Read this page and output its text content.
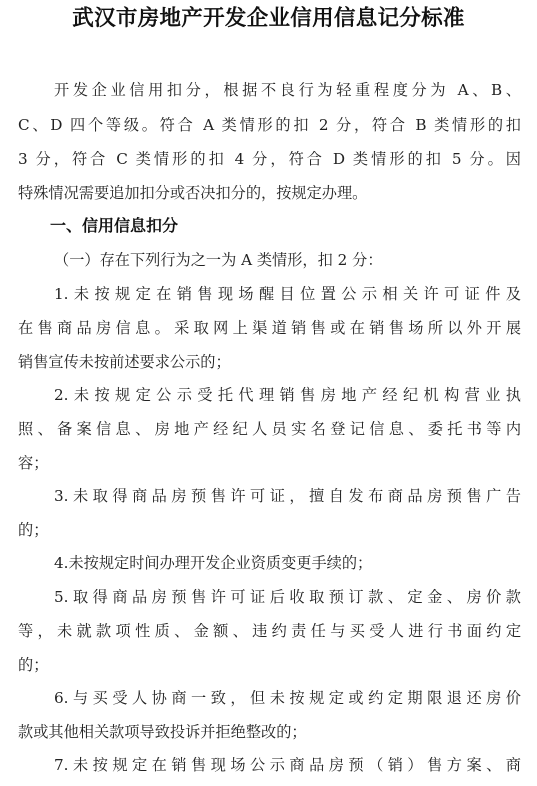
武汉市房地产开发企业信用信息记分标准
开发企业信用扣分，根据不良行为轻重程度分为 A、B、
C、D 四个等级。符合 A 类情形的扣 2 分，符合 B 类情形的扣
3 分，符合 C 类情形的扣 4 分，符合 D 类情形的扣 5 分。因
特殊情况需要追加扣分或否决扣分的，按规定办理。
一、信用信息扣分
（一）存在下列行为之一为 A 类情形，扣 2 分：
1.未按规定在销售现场醒目位置公示相关许可证件及
在售商品房信息。采取网上渠道销售或在销售场所以外开展
销售宣传未按前述要求公示的；
2.未按规定公示受托代理销售房地产经纪机构营业执
照、备案信息、房地产经纪人员实名登记信息、委托书等内
容；
3.未取得商品房预售许可证，擅自发布商品房预售广告
的；
4.未按规定时间办理开发企业资质变更手续的；
5.取得商品房预售许可证后收取预订款、定金、房价款
等，未就款项性质、金额、违约责任与买受人进行书面约定
的；
6.与买受人协商一致，但未按规定或约定期限退还房价
款或其他相关款项导致投诉并拒绝整改的；
7.未按规定在销售现场公示商品房预（销）售方案、商
